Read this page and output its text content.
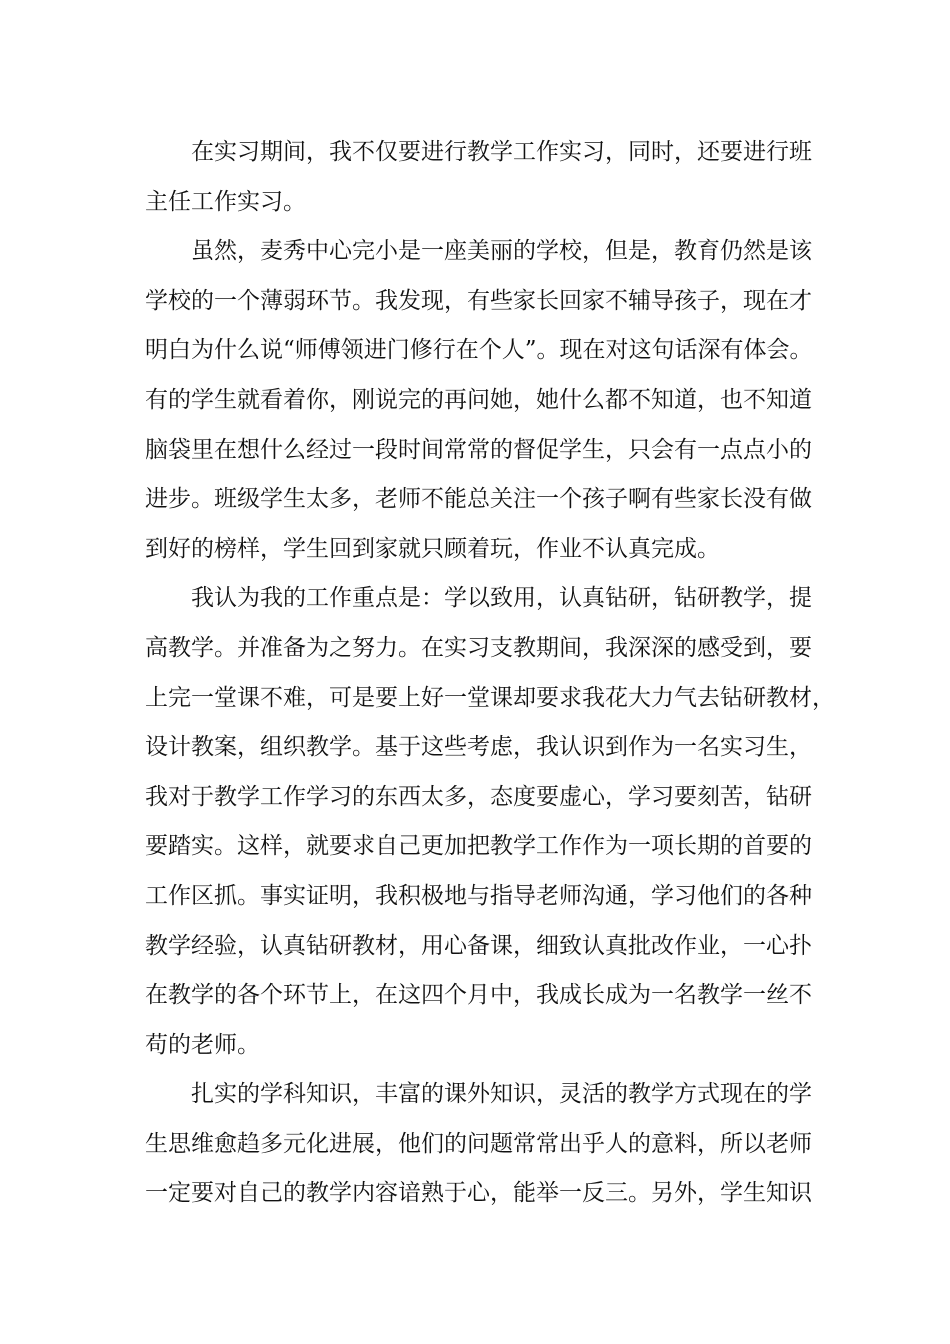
在实习期间，我不仅要进行教学工作实习，同时，还要进行班
主任工作实习。
虽然，麦秀中心完小是一座美丽的学校，但是，教育仍然是该
学校的一个薄弱环节。我发现，有些家长回家不辅导孩子，现在才
明白为什么说“师傅领进门修行在个人”。现在对这句话深有体会。
有的学生就看着你，刚说完的再问她，她什么都不知道，也不知道
脑袋里在想什么经过一段时间常常的督促学生，只会有一点点小的
进步。班级学生太多，老师不能总关注一个孩子啊有些家长没有做
到好的榜样，学生回到家就只顾着玩，作业不认真完成。
我认为我的工作重点是：学以致用，认真钻研，钻研教学，提
高教学。并准备为之努力。在实习支教期间，我深深的感受到，要
上完一堂课不难，可是要上好一堂课却要求我花大力气去钻研教材，
设计教案，组织教学。基于这些考虑，我认识到作为一名实习生，
我对于教学工作学习的东西太多，态度要虚心，学习要刻苦，钻研
要踏实。这样，就要求自己更加把教学工作作为一项长期的首要的
工作区抓。事实证明，我积极地与指导老师沟通，学习他们的各种
教学经验，认真钻研教材，用心备课，细致认真批改作业，一心扑
在教学的各个环节上，在这四个月中，我成长成为一名教学一丝不
苟的老师。
扎实的学科知识，丰富的课外知识，灵活的教学方式现在的学
生思维愈趋多元化进展，他们的问题常常出乎人的意料，所以老师
一定要对自己的教学内容谙熟于心，能举一反三。另外，学生知识
